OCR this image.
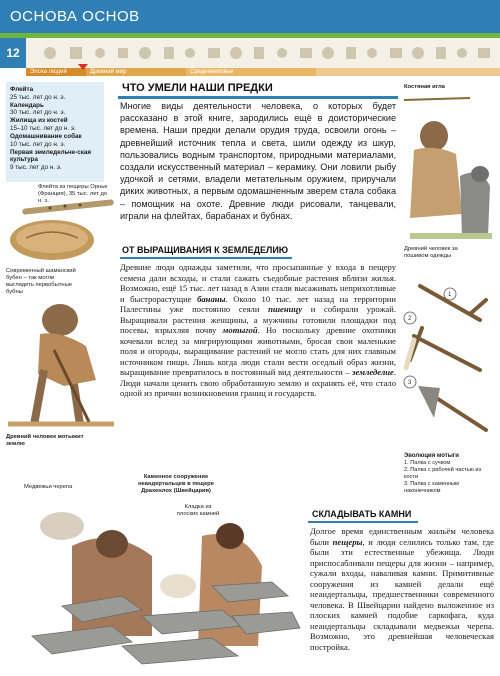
ОСНОВА ОСНОВ
12
Эпоха людей	Древний мир	Средневековье
Флейта
25 тыс. лет до н. э.
Календарь
30 тыс. лет до н. э.
Жилища из костей
15–10 тыс. лет до н. э.
Одомашнивание собак
10 тыс. лет до н. э.
Первая земледельче-ская культура
9 тыс. лет до н. э.
ЧТО УМЕЛИ НАШИ ПРЕДКИ
Многие виды деятельности человека, о которых будет рассказано в этой книге, зародились ещё в доисторические времена. Наши предки делали орудия труда, освоили огонь – древнейший источник тепла и света, шили одежду из шкур, пользовались водным транспортом, природными материалами, создали искусственный материал – керамику. Они ловили рыбу удочкой и сетями, владели метательным оружием, приручали диких животных, а первым одомашненным зверем стала собака – помощник на охоте. Древние люди рисовали, танцевали, играли на флейтах, барабанах и бубнах.
Флейта из пещеры Орнье (Франция), 35 тыс. лет до н. э.
Современный шаманский бубен – так могли выглядеть первобытные бубны
Древний человек мотыжит землю
Костяная игла
Древний человек за пошивом одежды
ОТ ВЫРАЩИВАНИЯ К ЗЕМЛЕДЕЛИЮ
Древние люди однажды заметили, что просыпанные у входа в пещеру семена дали всходы, и стали сажать съедобные растения вблизи жилья. Возможно, ещё 15 тыс. лет назад в Азии стали высаживать неприхотливые и быстрорастущие бананы. Около 10 тыс. лет назад на территории Палестины уже постоянно сеяли пшеницу и собирали урожай. Выращивали растения женщины, а мужчины готовили площадки под посевы, взрыхляя почву мотыгой. Но поскольку древние охотники кочевали вслед за мигрирующими животными, бросая свои маленькие поля и огороды, выращивание растений не могло стать для них главным источником пищи. Лишь когда люди стали вести оседлый образ жизни, выращивание превратилось в постоянный вид деятельности – земледелие. Люди начали ценить свою обработанную землю и охранять её, что стало одной из причин возникновения границ и государств.
1
2
3
Эволюция мотыги
1. Палка с сучком
2. Палка с рабочей частью из кости
3. Палка с каменным наконечником
СКЛАДЫВАТЬ КАМНИ
Долгое время единственным жильём человека были пещеры, и люди селились только там, где были эти естественные убежища. Люди приспосабливали пещеры для жизни – например, сужали входы, наваливая камни. Примитивные сооружения из камней делали ещё неандертальцы, предшественники современного человека. В Швейцарии найдено выложенное из плоских камней подобие саркофага, куда неандертальцы складывали медвежьи черепа. Возможно, это древнейшая человеческая постройка.
Медвежьи черепа
Каменное сооружение неандертальцев в пещере Драхенлох (Швейцария)
Кладка из плоских камней
